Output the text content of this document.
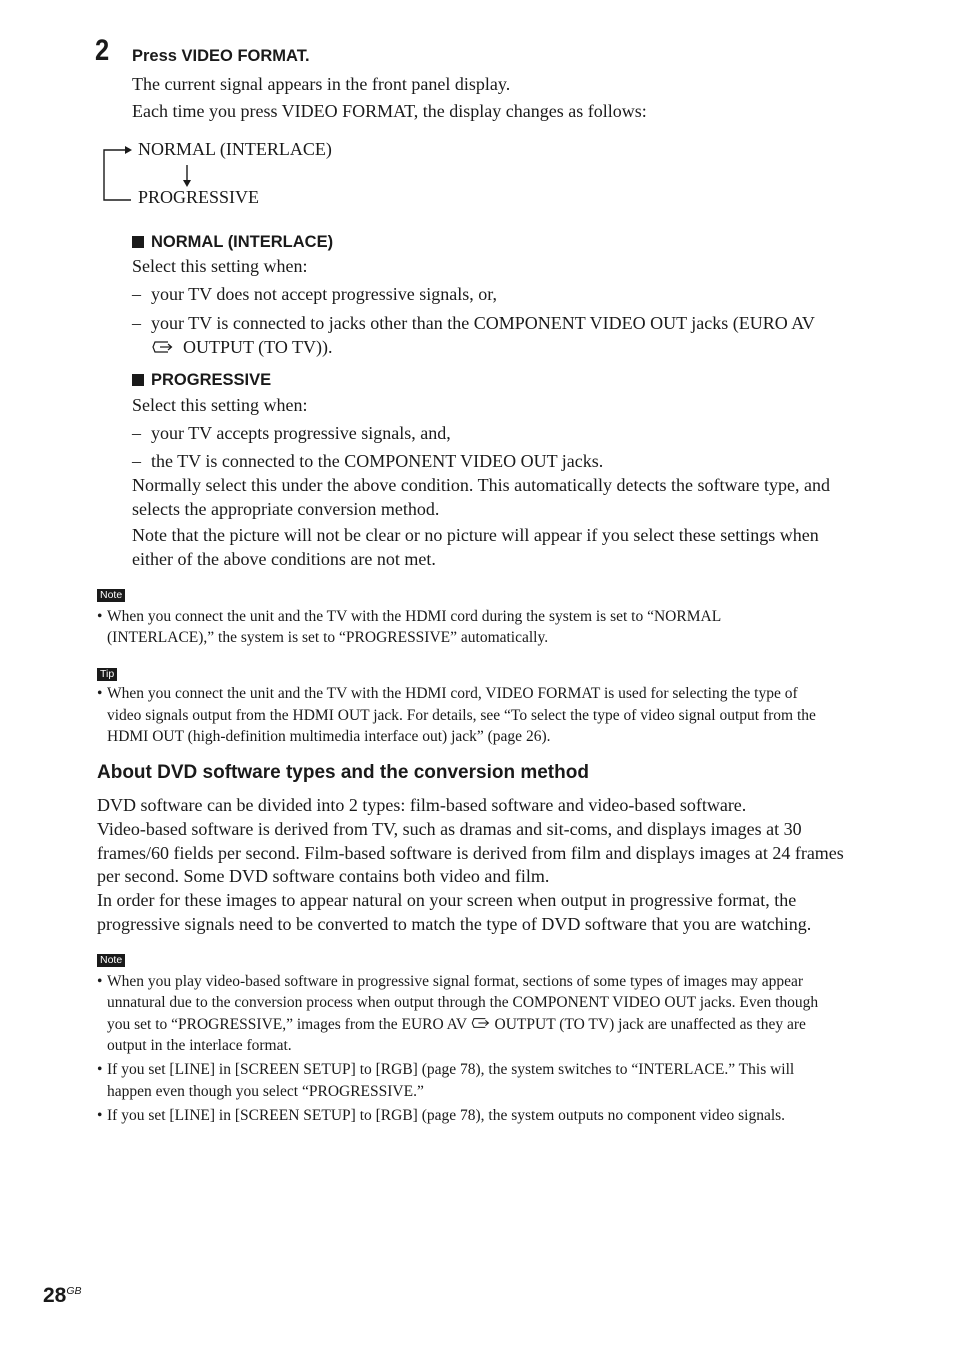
2 Press VIDEO FORMAT.
The current signal appears in the front panel display.
Each time you press VIDEO FORMAT, the display changes as follows:
NORMAL (INTERLACE)
PROGRESSIVE
NORMAL (INTERLACE)
Select this setting when:
– your TV does not accept progressive signals, or,
– your TV is connected to jacks other than the COMPONENT VIDEO OUT jacks (EURO AV
OUTPUT (TO TV)).
PROGRESSIVE
Select this setting when:
– your TV accepts progressive signals, and,
– the TV is connected to the COMPONENT VIDEO OUT jacks.
Normally select this under the above condition. This automatically detects the software type, and
selects the appropriate conversion method.
Note that the picture will not be clear or no picture will appear if you select these settings when
either of the above conditions are not met.
Note
• When you connect the unit and the TV with the HDMI cord during the system is set to “NORMAL
(INTERLACE),” the system is set to “PROGRESSIVE” automatically.
Tip
• When you connect the unit and the TV with the HDMI cord, VIDEO FORMAT is used for selecting the type of
video signals output from the HDMI OUT jack. For details, see “To select the type of video signal output from the
HDMI OUT (high-definition multimedia interface out) jack” (page 26).
About DVD software types and the conversion method
DVD software can be divided into 2 types: film-based software and video-based software.
Video-based software is derived from TV, such as dramas and sit-coms, and displays images at 30
frames/60 fields per second. Film-based software is derived from film and displays images at 24 frames
per second. Some DVD software contains both video and film.
In order for these images to appear natural on your screen when output in progressive format, the
progressive signals need to be converted to match the type of DVD software that you are watching.
Note
• When you play video-based software in progressive signal format, sections of some types of images may appear
unnatural due to the conversion process when output through the COMPONENT VIDEO OUT jacks. Even though
you set to “PROGRESSIVE,” images from the EURO AV OUTPUT (TO TV) jack are unaffected as they are
output in the interlace format.
• If you set [LINE] in [SCREEN SETUP] to [RGB] (page 78), the system switches to “INTERLACE.” This will
happen even though you select “PROGRESSIVE.”
• If you set [LINE] in [SCREEN SETUP] to [RGB] (page 78), the system outputs no component video signals.
$28^{GB}$
